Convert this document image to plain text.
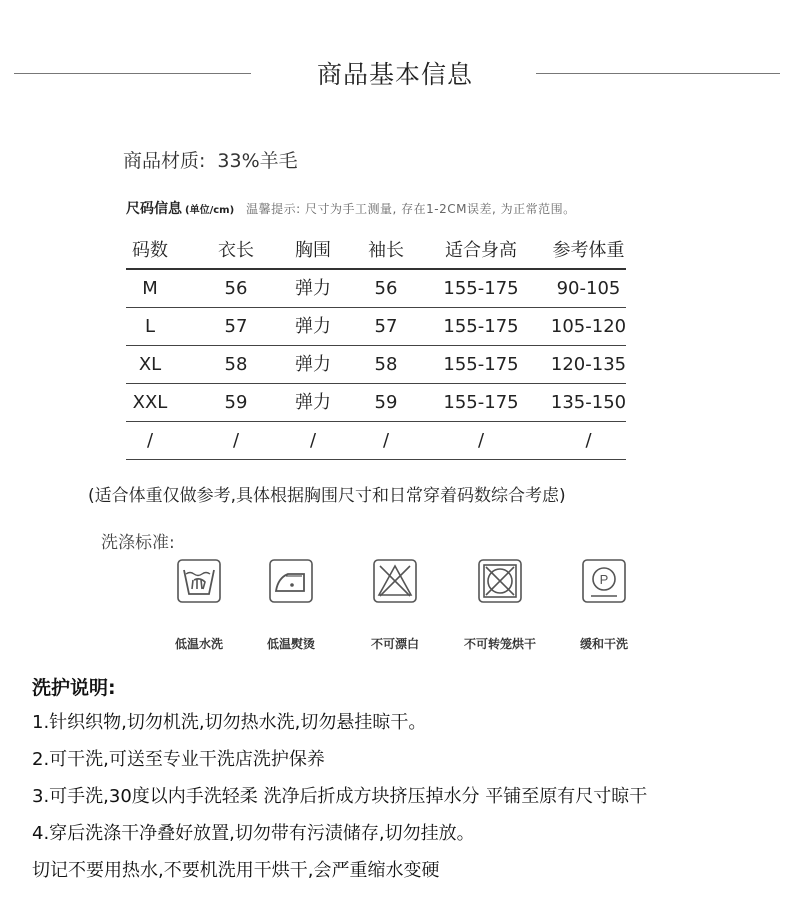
商品基本信息
商品材质: 33%羊毛
尺码信息 (单位/cm) 温馨提示: 尺寸为手工测量, 存在1-2CM误差, 为正常范围。
码数	衣长	胸围	袖长	适合身高	参考体重
M	56	弹力	56	155-175	90-105
L	57	弹力	57	155-175	105-120
XL	58	弹力	58	155-175	120-135
XXL	59	弹力	59	155-175	135-150
/	/	/	/	/	/
(适合体重仅做参考,具体根据胸围尺寸和日常穿着码数综合考虑)
洗涤标准:
低温水洗	低温熨烫	不可漂白	不可转笼烘干
P
缓和干洗
洗护说明:
1.针织织物,切勿机洗,切勿热水洗,切勿悬挂晾干。
2.可干洗,可送至专业干洗店洗护保养
3.可手洗,30度以内手洗轻柔 洗净后折成方块挤压掉水分 平铺至原有尺寸晾干
4.穿后洗涤干净叠好放置,切勿带有污渍储存,切勿挂放。
切记不要用热水,不要机洗用干烘干,会严重缩水变硬
